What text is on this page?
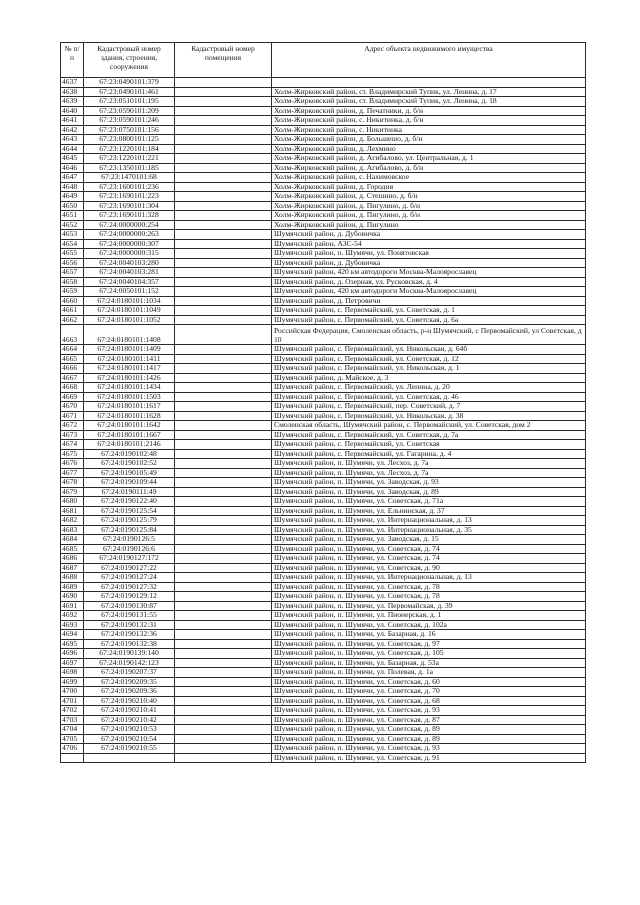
№ п/п	Кадастровый номер здания, строения, сооружения	Кадастровый номер помещения	Адрес объекта недвижимого имущества
4637	67:23:0490101:379		
4638	67:23:0490101:461		Холм-Жирковский район, ст. Владимирский Тупик, ул. Ленина, д. 17
4639	67:23:0510101:195		Холм-Жирковский район, ст. Владимирский Тупик, ул. Ленина, д. 18
4640	67:23:0590101:209		Холм-Жирковский район, д. Печатники, д. б/н
4641	67:23:0590101:246		Холм-Жирковский район, с. Никитинка, д. б/н
4642	67:23:0750101:156		Холм-Жирковский район, с. Никитинка
4643	67:23:0800101:125		Холм-Жирковский район, д. Большешо, д. б/н
4644	67:23:1220101:184		Холм-Жирковский район, д. Лехмино
4645	67:23:1220101:221		Холм-Жирковский район, д. Агибалово, ул. Центральная, д. 1
4646	67:23:1350101:185		Холм-Жирковский район, д. Агибалово, д. б/н
4647	67:23:1470101:68		Холм-Жирковский район, с. Нахимовское
4648	67:23:1600101:236		Холм-Жирковский район, д. Городня
4649	67:23:1690101:223		Холм-Жирковский район, д. Стешино, д. б/н
4650	67:23:1690101:304		Холм-Жирковский район, д. Пигулино, д. б/н
4651	67:23:1690101:328		Холм-Жирковский район, д. Пигулино, д. б/н
4652	67:24:0000000:254		Холм-Жирковский район, д. Пигулино
4653	67:24:0000000:263		Шумячский район, д. Дубовичка
4654	67:24:0000000:307		Шумячский район, АЗС-54
4655	67:24:0000000:315		Шумячский район, п. Шумячи, ул. Понятовская
4656	67:24:0040103:280		Шумячский район, д. Дубовичка
4657	67:24:0040103:281		Шумячский район, 420 км автодороги Москва-Малоярославец
4658	67:24:0040104:357		Шумячский район, д. Озерная, ул. Русковская, д. 4
4659	67:24:0050101:152		Шумячский район, 420 км автодороги Москва-Малоярославец
4660	67:24:0180101:1034		Шумячский район, д. Петровичи
4661	67:24:0180101:1049		Шумячский район, с. Первомайский, ул. Советская, д. 1
4662	67:24:0180101:1052		Шумячский район, с. Первомайский, ул. Советская, д. 6а
4663	67:24:0180101:1408		Российская Федерация, Смоленская область, р-н Шумячский, с Первомайский, ул Советская, д 10
4664	67:24:0180101:1409		Шумячский район, с. Первомайский, ул. Никольская, д. 64б
4665	67:24:0180101:1411		Шумячский район, с. Первомайский, ул. Советская, д. 12
4666	67:24:0180101:1417		Шумячский район, с. Первомайский, ул. Никольская, д. 1
4667	67:24:0180101:1426		Шумячский район, д. Майское, д. 3
4668	67:24:0180101:1434		Шумячский район, с. Первомайский, ул. Ленина, д. 20
4669	67:24:0180101:1503		Шумячский район, с. Первомайский, ул. Советская, д. 46
4670	67:24:0180101:1617		Шумячский район, с. Первомайский, пер. Советский, д. 7
4671	67:24:0180101:1628		Шумячский район, с. Первомайский, ул. Никольская, д. 38
4672	67:24:0180101:1642		Смоленская область, Шумячский район, с. Первомайский, ул. Советская, дом 2
4673	67:24:0180101:1667		Шумячский район, с. Первомайский, ул. Советская, д. 7а
4674	67:24:0180101:2146		Шумячский район, с. Первомайский, ул. Советская
4675	67:24:0190102:48		Шумячский район, с. Первомайский, ул. Гагарина, д. 4
4676	67:24:0190102:52		Шумячский район, п. Шумячи, ул. Лесхоз, д. 7а
4677	67:24:0190105:49		Шумячский район, п. Шумячи, ул. Лесхоз, д. 7а
4678	67:24:0190109:44		Шумячский район, п. Шумячи, ул. Заводская, д. 93
4679	67:24:0190111:49		Шумячский район, п. Шумячи, ул. Заводская, д. 89
4680	67:24:0190122:40		Шумячский район, п. Шумячи, ул. Советская, д. 71а
4681	67:24:0190125:54		Шумячский район, п. Шумячи, ул. Ельнинская, д. 37
4682	67:24:0190125:79		Шумячский район, п. Шумячи, ул. Интернациональная, д. 13
4683	67:24:0190125:84		Шумячский район, п. Шумячи, ул. Интернациональная, д. 35
4684	67:24:0190126:5		Шумячский район, п. Шумячи, ул. Заводская, д. 15
4685	67:24:0190126:6		Шумячский район, п. Шумячи, ул. Советская, д. 74
4686	67:24:0190127:172		Шумячский район, п. Шумячи, ул. Советская, д. 74
4687	67:24:0190127:22		Шумячский район, п. Шумячи, ул. Советская, д. 90
4688	67:24:0190127:24		Шумячский район, п. Шумячи, ул. Интернациональная, д. 13
4689	67:24:0190127:32		Шумячский район, п. Шумячи, ул. Советская, д. 78
4690	67:24:0190129:12		Шумячский район, п. Шумячи, ул. Советская, д. 78
4691	67:24:0190130:87		Шумячский район, п. Шумячи, ул. Первомайская, д. 39
4692	67:24:0190131:55		Шумячский район, п. Шумячи, ул. Пионерская, д. 1
4693	67:24:0190132:31		Шумячский район, п. Шумячи, ул. Советская, д. 102а
4694	67:24:0190132:36		Шумячский район, п. Шумячи, ул. Базарная, д. 16
4695	67:24:0190132:38		Шумячский район, п. Шумячи, ул. Советская, д. 97
4696	67:24:0190139:140		Шумячский район, п. Шумячи, ул. Советская, д. 105
4697	67:24:0190142:123		Шумячский район, п. Шумячи, ул. Базарная, д. 53а
4698	67:24:0190207:37		Шумячский район, п. Шумячи, ул. Полевая, д. 1а
4699	67:24:0190209:35		Шумячский район, п. Шумячи, ул. Советская, д. 60
4700	67:24:0190209:36		Шумячский район, п. Шумячи, ул. Советская, д. 70
4701	67:24:0190210:40		Шумячский район, п. Шумячи, ул. Советская, д. 68
4702	67:24:0190210:41		Шумячский район, п. Шумячи, ул. Советская, д. 93
4703	67:24:0190210:42		Шумячский район, п. Шумячи, ул. Советская, д. 87
4704	67:24:0190210:53		Шумячский район, п. Шумячи, ул. Советская, д. 89
4705	67:24:0190210:54		Шумячский район, п. Шумячи, ул. Советская, д. 89
4706	67:24:0190210:55		Шумячский район, п. Шумячи, ул. Советская, д. 93
			Шумячский район, п. Шумячи, ул. Советская, д. 91
